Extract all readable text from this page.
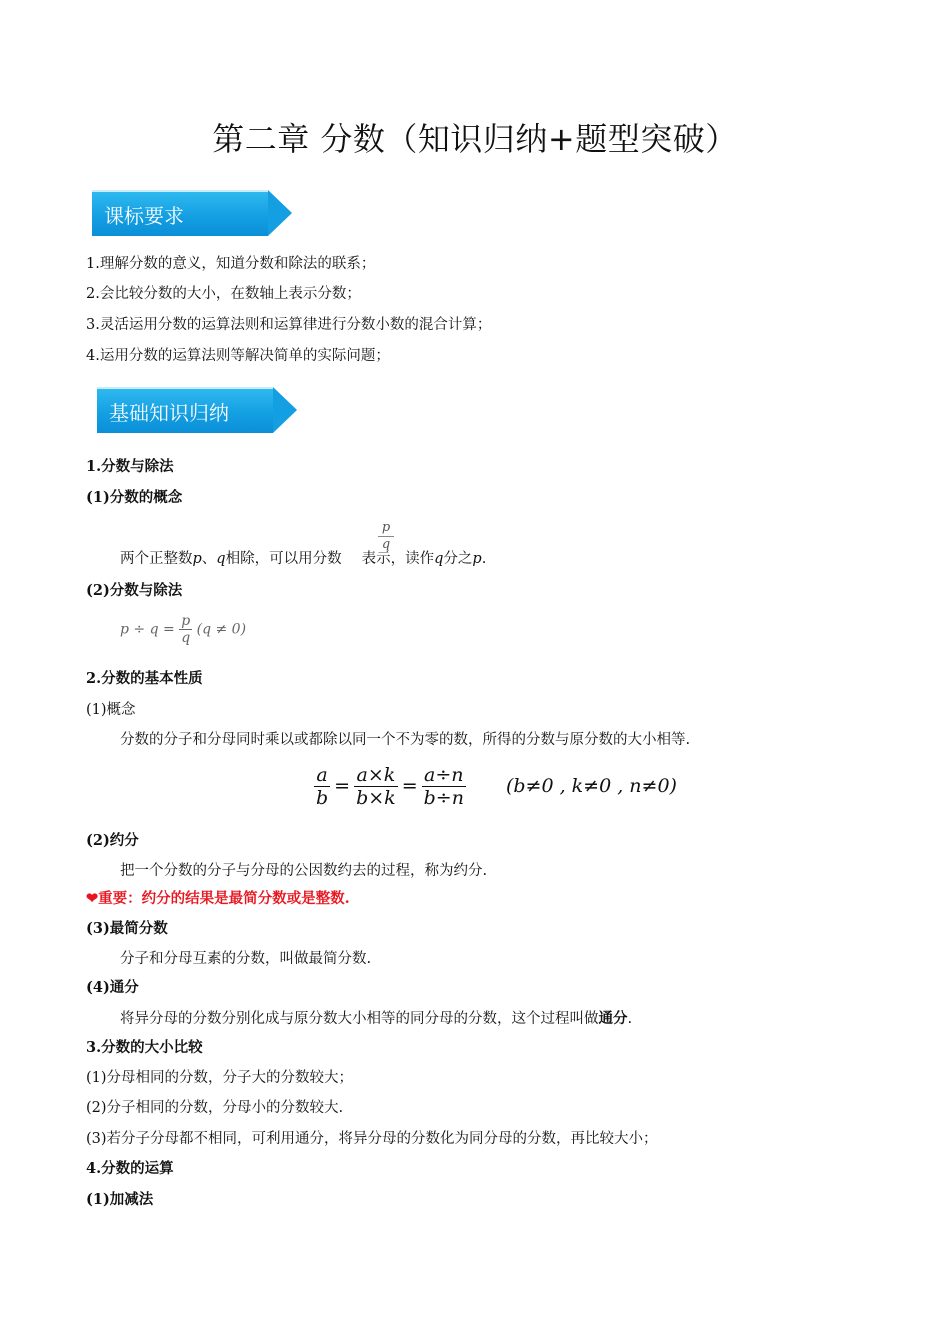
第二章 分数（知识归纳+题型突破）
课标要求
1.理解分数的意义，知道分数和除法的联系；
2.会比较分数的大小，在数轴上表示分数；
3.灵活运用分数的运算法则和运算律进行分数小数的混合计算；
4.运用分数的运算法则等解决简单的实际问题；
基础知识归纳
1.分数与除法
(1)分数的概念
$\frac{p}{q}$
两个正整数p、q相除，可以用分数 表示，读作q分之p.
(2)分数与除法
$p \div q = \frac{p}{q} (q \ne 0)$
2.分数的基本性质
(1)概念
分数的分子和分母同时乘以或都除以同一个不为零的数，所得的分数与原分数的大小相等.
$\frac{a}{b} = \frac{a\times k}{b\times k} = \frac{a\div n}{b\div n} (b\ne 0$ , k≠0 , n≠0)
(2)约分
把一个分数的分子与分母的公因数约去的过程，称为约分.
❤重要：约分的结果是最简分数或是整数.
(3)最简分数
分子和分母互素的分数，叫做最简分数.
(4)通分
将异分母的分数分别化成与原分数大小相等的同分母的分数，这个过程叫做通分.
3.分数的大小比较
(1)分母相同的分数，分子大的分数较大；
(2)分子相同的分数，分母小的分数较大.
(3)若分子分母都不相同，可利用通分，将异分母的分数化为同分母的分数，再比较大小；
4.分数的运算
(1)加减法
